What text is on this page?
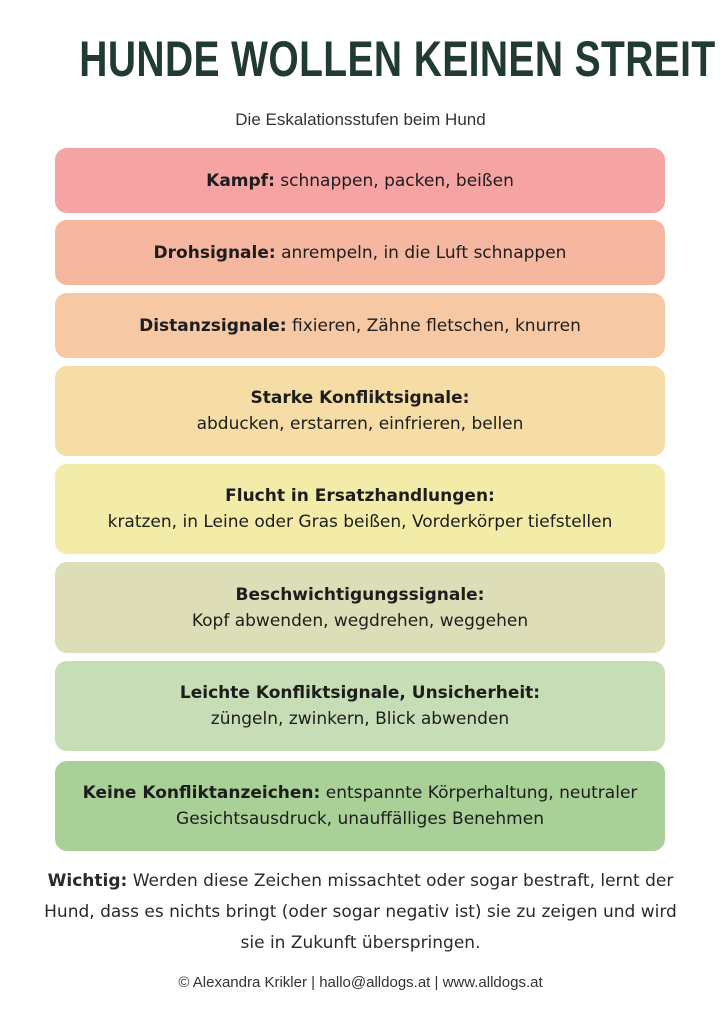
HUNDE WOLLEN KEINEN STREIT
Die Eskalationsstufen beim Hund
Kampf: schnappen, packen, beißen
Drohsignale: anrempeln, in die Luft schnappen
Distanzsignale: fixieren, Zähne fletschen, knurren
Starke Konfliktsignale:
abducken, erstarren, einfrieren, bellen
Flucht in Ersatzhandlungen:
kratzen, in Leine oder Gras beißen, Vorderkörper tiefstellen
Beschwichtigungssignale:
Kopf abwenden, wegdrehen, weggehen
Leichte Konfliktsignale, Unsicherheit:
züngeln, zwinkern, Blick abwenden
Keine Konfliktanzeichen: entspannte Körperhaltung, neutraler Gesichtsausdruck, unauffälliges Benehmen
Wichtig: Werden diese Zeichen missachtet oder sogar bestraft, lernt der Hund, dass es nichts bringt (oder sogar negativ ist) sie zu zeigen und wird sie in Zukunft überspringen.
© Alexandra Krikler | hallo@alldogs.at | www.alldogs.at
